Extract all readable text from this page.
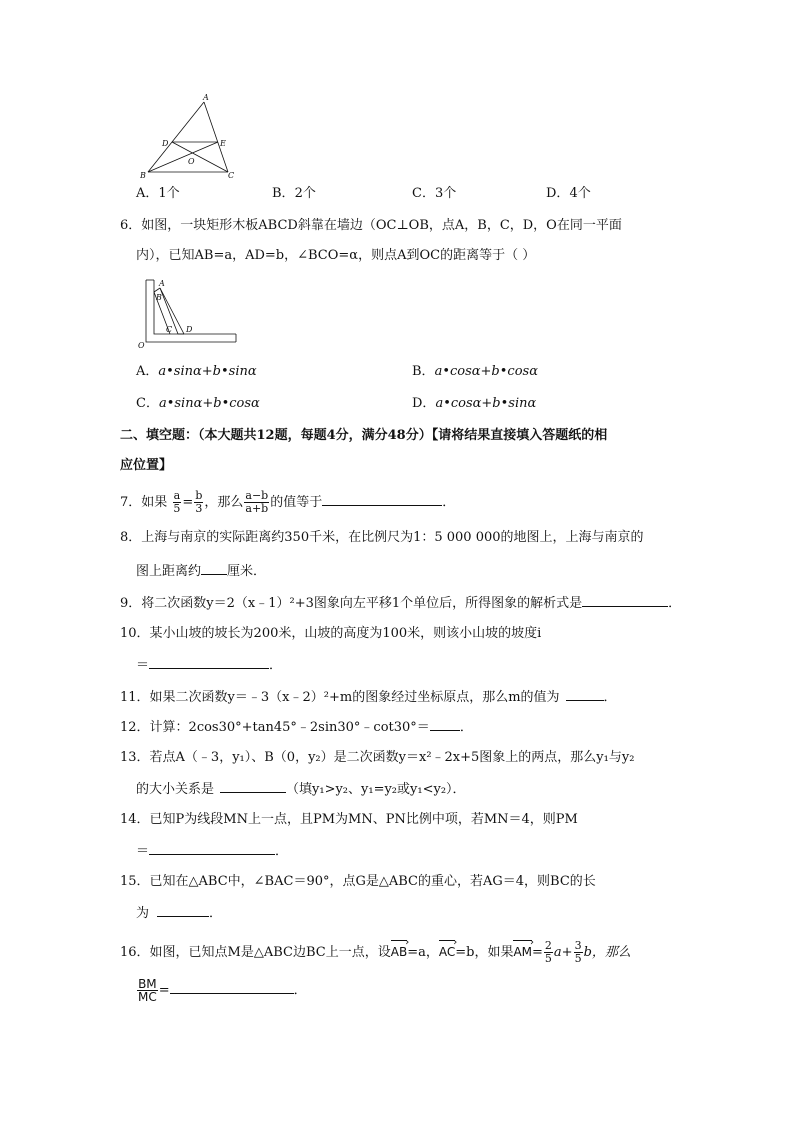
A
D	E
O
B	C
A．1个	B．2个	C．3个	D．4个
6．如图，一块矩形木板ABCD斜靠在墙边（OC⊥OB，点A，B，C，D，O在同一平面
内），已知AB=a，AD=b，∠BCO=α，则点A到OC的距离等于（ ）
A
B
C D
O
A．a•sinα+b•sinα	B．a•cosα+b•cosα
C．a•sinα+b•cosα	D．a•cosα+b•sinα
二、填空题：（本大题共12题，每题4分，满分48分）【请将结果直接填入答题纸的相
应位置】
7．如果 $\frac{a}{5} = \frac{b}{3}$ ，那么 $\frac{a-b}{a+b}$ 的值等于	．
8．上海与南京的实际距离约350千米，在比例尺为1：5 000 000的地图上，上海与南京的
图上距离约 厘米．
9．将二次函数y＝2（x﹣1）²+3图象向左平移1个单位后，所得图象的解析式是	．
10．某小山坡的坡长为200米，山坡的高度为100米，则该小山坡的坡度i
＝	．
11．如果二次函数y＝﹣3（x﹣2）²+m的图象经过坐标原点，那么m的值为	．
12．计算：2cos30°+tan45°﹣2sin30°﹣cot30°＝ ．
13．若点A（﹣3，y₁）、B（0，y₂）是二次函数y＝x²﹣2x+5图象上的两点，那么y₁与y₂
的大小关系是	（填y₁>y₂、y₁=y₂或y₁<y₂）．
14．已知P为线段MN上一点，且PM为MN、PN比例中项，若MN＝4，则PM
＝	．
15．已知在△ABC中，∠BAC＝90°，点G是△ABC的重心，若AG＝4，则BC的长
为	．
16．如图，已知点M是△ABC边BC上一点，设AB ›=a，AC ›=b，如果AM ›= $\frac{2}{5} a+ \frac{3}{5}$ b，那么
$\frac{BM}{MC}$ =	．
